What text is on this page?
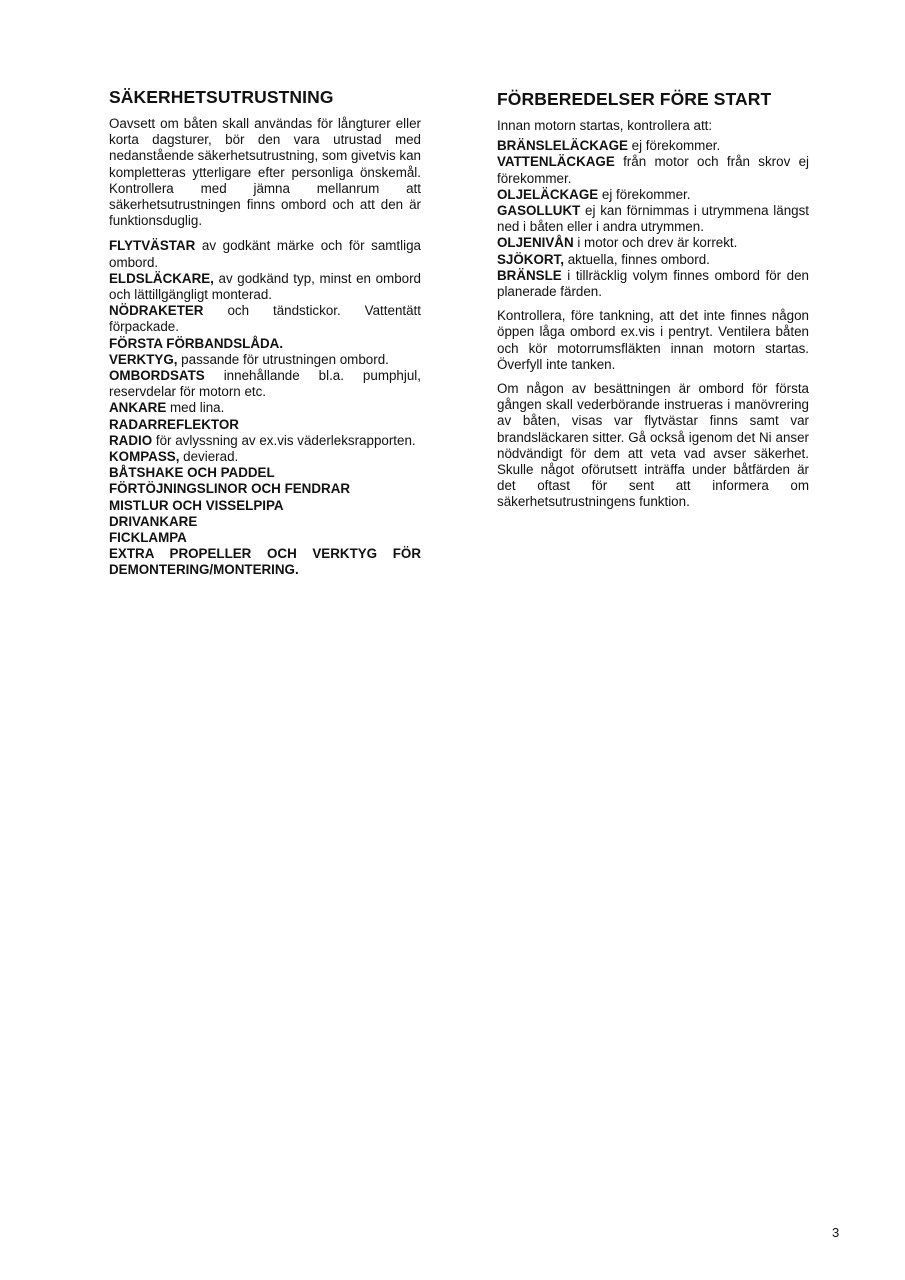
SÄKERHETSUTRUSTNING

Oavsett om båten skall användas för långturer eller korta dagsturer, bör den vara utrustad med nedanstående säkerhetsutrustning, som givetvis kan kompletteras ytterligare efter personliga önskemål. Kontrollera med jämna mellanrum att säkerhetsutrustningen finns ombord och att den är funktionsduglig.

FLYTVÄSTAR av godkänt märke och för samtliga ombord.

ELDSLÄCKARE, av godkänd typ, minst en ombord och lättillgängligt monterad.

NÖDRAKETER och tändstickor. Vattentätt förpackade.

FÖRSTA FÖRBANDSLÅDA.

VERKTYG, passande för utrustningen ombord.

OMBORDSATS innehållande bl.a. pumphjul, reservdelar för motorn etc.

ANKARE med lina.

RADARREFLEKTOR

RADIO för avlyssning av ex.vis väderleksrapporten.

KOMPASS, devierad.

BÅTSHAKE OCH PADDEL

FÖRTÖJNINGSLINOR OCH FENDRAR

MISTLUR OCH VISSELPIPA

DRIVANKARE

FICKLAMPA

EXTRA PROPELLER OCH VERKTYG FÖR DEMONTERING/MONTERING.

FÖRBEREDELSER FÖRE START

Innan motorn startas, kontrollera att:

BRÄNSLELÄCKAGE ej förekommer.

VATTENLÄCKAGE från motor och från skrov ej förekommer.

OLJELÄCKAGE ej förekommer.

GASOLLUKT ej kan förnimmas i utrymmena längst ned i båten eller i andra utrymmen.

OLJENIVÅN i motor och drev är korrekt.

SJÖKORT, aktuella, finnes ombord.

BRÄNSLE i tillräcklig volym finnes ombord för den planerade färden.

Kontrollera, före tankning, att det inte finnes någon öppen låga ombord ex.vis i pentryt. Ventilera båten och kör motorrumsfläkten innan motorn startas. Överfyll inte tanken.

Om någon av besättningen är ombord för första gången skall vederbörande instrueras i manövrering av båten, visas var flytvästar finns samt var brandsläckaren sitter. Gå också igenom det Ni anser nödvändigt för dem att veta vad avser säkerhet. Skulle något oförutsett inträffa under båtfärden är det oftast för sent att informera om säkerhetsutrustningens funktion.

3
